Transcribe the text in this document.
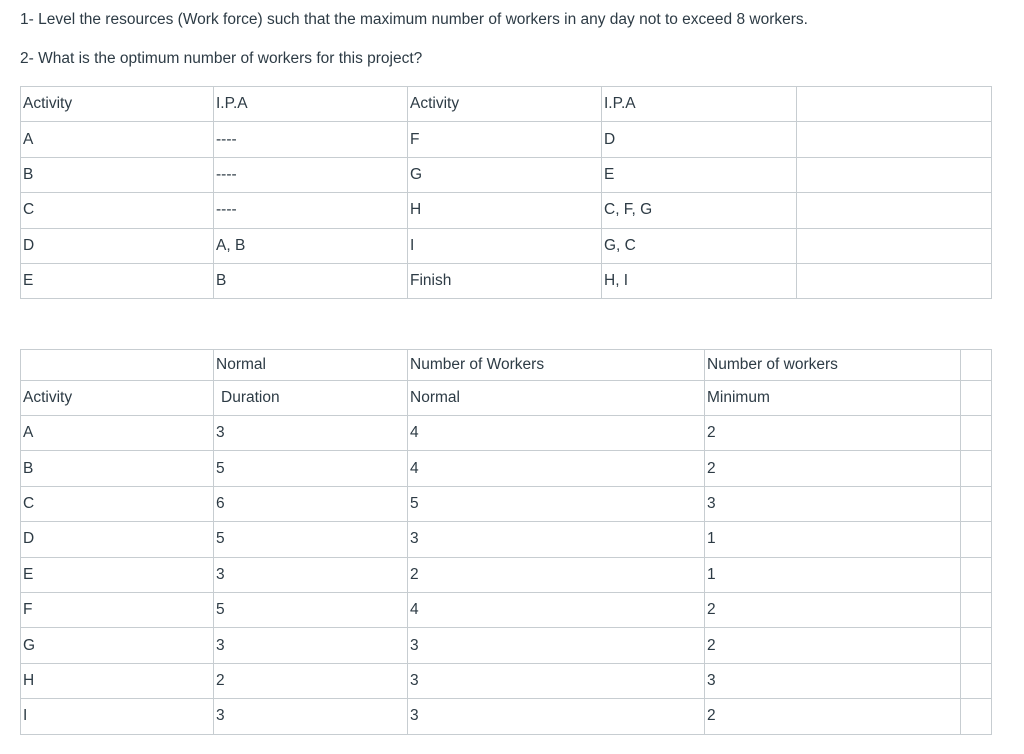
1- Level the resources (Work force) such that the maximum number of workers in any day not to exceed 8 workers.
2- What is the optimum number of workers for this project?
Activity	I.P.A	Activity	I.P.A	
A	----	F	D	
B	----	G	E	
C	----	H	C, F, G	
D	A, B	I	G, C	
E	B	Finish	H, I	
	Normal	Number of Workers	Number of workers	
Activity	Duration	Normal	Minimum	
A	3	4	2	
B	5	4	2	
C	6	5	3	
D	5	3	1	
E	3	2	1	
F	5	4	2	
G	3	3	2	
H	2	3	3	
I	3	3	2	
